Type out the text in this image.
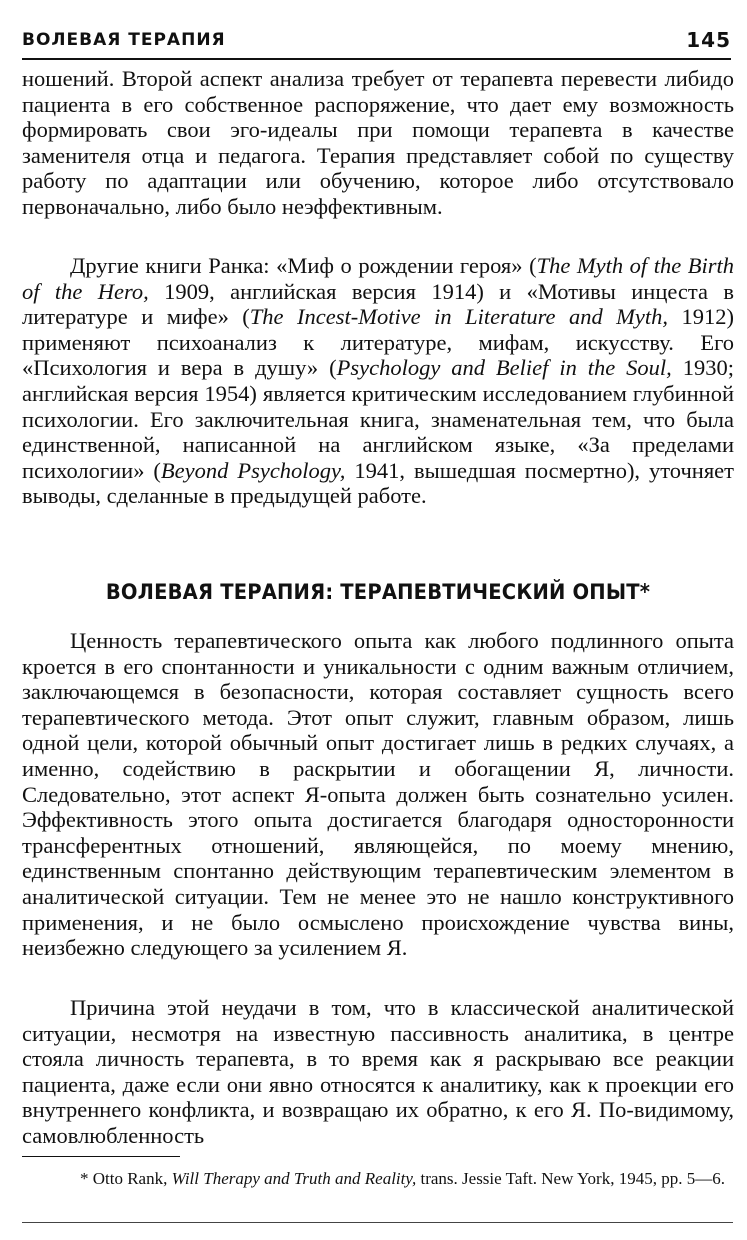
ВОЛЕВАЯ ТЕРАПИЯ	145

ношений. Второй аспект анализа требует от терапевта перевести либидо пациента в его собственное распоряжение, что дает ему возможность формировать свои эго-идеалы при помощи терапевта в качестве заменителя отца и педагога. Терапия представляет собой по существу работу по адаптации или обучению, которое либо отсутствовало первоначально, либо было неэффективным.

Другие книги Ранка: «Миф о рождении героя» (The Myth of the Birth of the Hero, 1909, английская версия 1914) и «Мотивы инцеста в литературе и мифе» (The Incest-Motive in Literature and Myth, 1912) применяют психоанализ к литературе, мифам, искусству. Его «Психология и вера в душу» (Psychology and Belief in the Soul, 1930; английская версия 1954) является критическим исследованием глубинной психологии. Его заключительная книга, знаменательная тем, что была единственной, написанной на английском языке, «За пределами психологии» (Beyond Psychology, 1941, вышедшая посмертно), уточняет выводы, сделанные в предыдущей работе.

ВОЛЕВАЯ ТЕРАПИЯ: ТЕРАПЕВТИЧЕСКИЙ ОПЫТ*

Ценность терапевтического опыта как любого подлинного опыта кроется в его спонтанности и уникальности с одним важным отличием, заключающемся в безопасности, которая составляет сущность всего терапевтического метода. Этот опыт служит, главным образом, лишь одной цели, которой обычный опыт достигает лишь в редких случаях, а именно, содействию в раскрытии и обогащении Я, личности. Следовательно, этот аспект Я-опыта должен быть сознательно усилен. Эффективность этого опыта достигается благодаря односторонности трансферентных отношений, являющейся, по моему мнению, единственным спонтанно действующим терапевтическим элементом в аналитической ситуации. Тем не менее это не нашло конструктивного применения, и не было осмыслено происхождение чувства вины, неизбежно следующего за усилением Я.

Причина этой неудачи в том, что в классической аналитической ситуации, несмотря на известную пассивность аналитика, в центре стояла личность терапевта, в то время как я раскрываю все реакции пациента, даже если они явно относятся к аналитику, как к проекции его внутреннего конфликта, и возвращаю их обратно, к его Я. По-видимому, самовлюбленность

* Otto Rank, Will Therapy and Truth and Reality, trans. Jessie Taft. New York, 1945, pp. 5—6.
